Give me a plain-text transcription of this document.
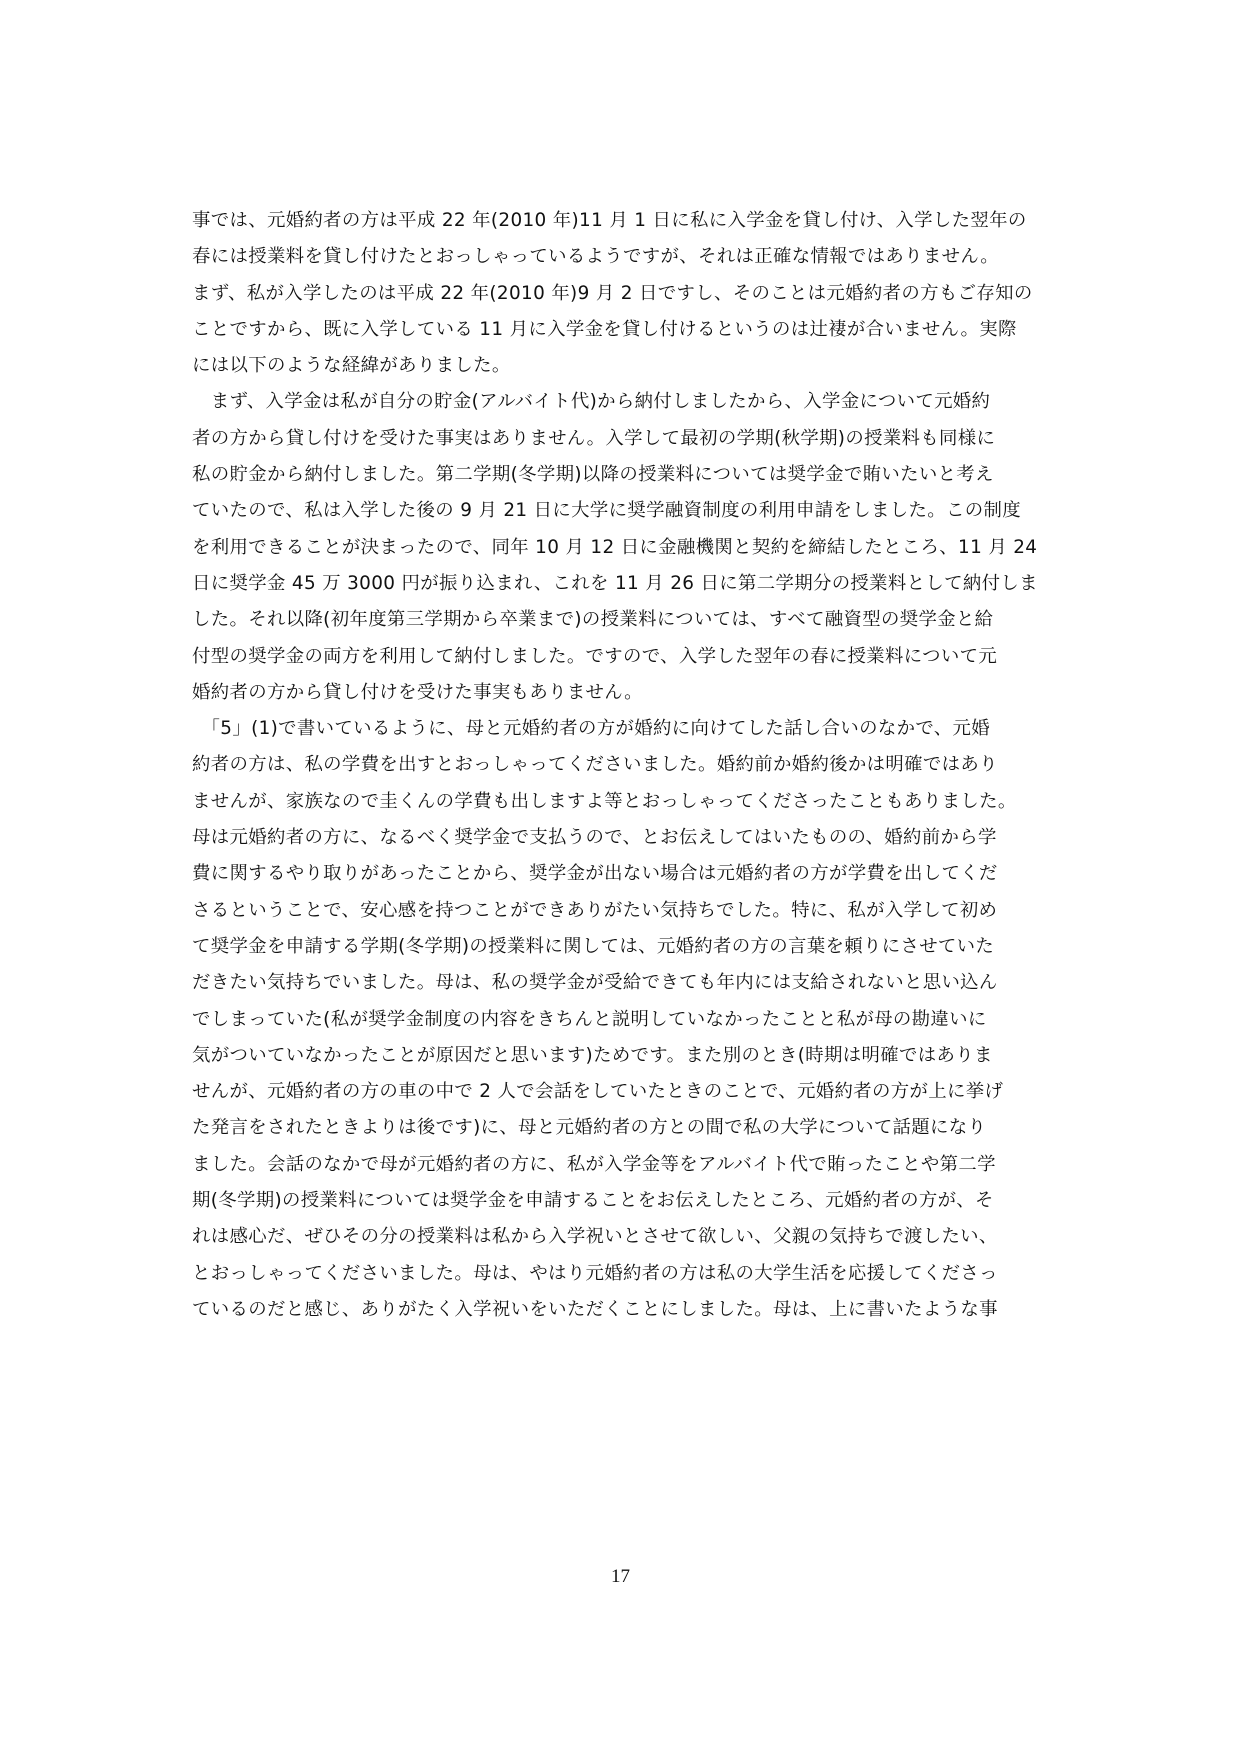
事では、元婚約者の方は平成 22 年(2010 年)11 月 1 日に私に入学金を貸し付け、入学した翌年の
春には授業料を貸し付けたとおっしゃっているようですが、それは正確な情報ではありません。
まず、私が入学したのは平成 22 年(2010 年)9 月 2 日ですし、そのことは元婚約者の方もご存知の
ことですから、既に入学している 11 月に入学金を貸し付けるというのは辻褄が合いません。実際
には以下のような経緯がありました。
　まず、入学金は私が自分の貯金(アルバイト代)から納付しましたから、入学金について元婚約
者の方から貸し付けを受けた事実はありません。入学して最初の学期(秋学期)の授業料も同様に
私の貯金から納付しました。第二学期(冬学期)以降の授業料については奨学金で賄いたいと考え
ていたので、私は入学した後の 9 月 21 日に大学に奨学融資制度の利用申請をしました。この制度
を利用できることが決まったので、同年 10 月 12 日に金融機関と契約を締結したところ、11 月 24
日に奨学金 45 万 3000 円が振り込まれ、これを 11 月 26 日に第二学期分の授業料として納付しま
した。それ以降(初年度第三学期から卒業まで)の授業料については、すべて融資型の奨学金と給
付型の奨学金の両方を利用して納付しました。ですので、入学した翌年の春に授業料について元
婚約者の方から貸し付けを受けた事実もありません。
　「5」(1)で書いているように、母と元婚約者の方が婚約に向けてした話し合いのなかで、元婚
約者の方は、私の学費を出すとおっしゃってくださいました。婚約前か婚約後かは明確ではあり
ませんが、家族なので圭くんの学費も出しますよ等とおっしゃってくださったこともありました。
母は元婚約者の方に、なるべく奨学金で支払うので、とお伝えしてはいたものの、婚約前から学
費に関するやり取りがあったことから、奨学金が出ない場合は元婚約者の方が学費を出してくだ
さるということで、安心感を持つことができありがたい気持ちでした。特に、私が入学して初め
て奨学金を申請する学期(冬学期)の授業料に関しては、元婚約者の方の言葉を頼りにさせていた
だきたい気持ちでいました。母は、私の奨学金が受給できても年内には支給されないと思い込ん
でしまっていた(私が奨学金制度の内容をきちんと説明していなかったことと私が母の勘違いに
気がついていなかったことが原因だと思います)ためです。また別のとき(時期は明確ではありま
せんが、元婚約者の方の車の中で 2 人で会話をしていたときのことで、元婚約者の方が上に挙げ
た発言をされたときよりは後です)に、母と元婚約者の方との間で私の大学について話題になり
ました。会話のなかで母が元婚約者の方に、私が入学金等をアルバイト代で賄ったことや第二学
期(冬学期)の授業料については奨学金を申請することをお伝えしたところ、元婚約者の方が、そ
れは感心だ、ぜひその分の授業料は私から入学祝いとさせて欲しい、父親の気持ちで渡したい、
とおっしゃってくださいました。母は、やはり元婚約者の方は私の大学生活を応援してくださっ
ているのだと感じ、ありがたく入学祝いをいただくことにしました。母は、上に書いたような事
17
